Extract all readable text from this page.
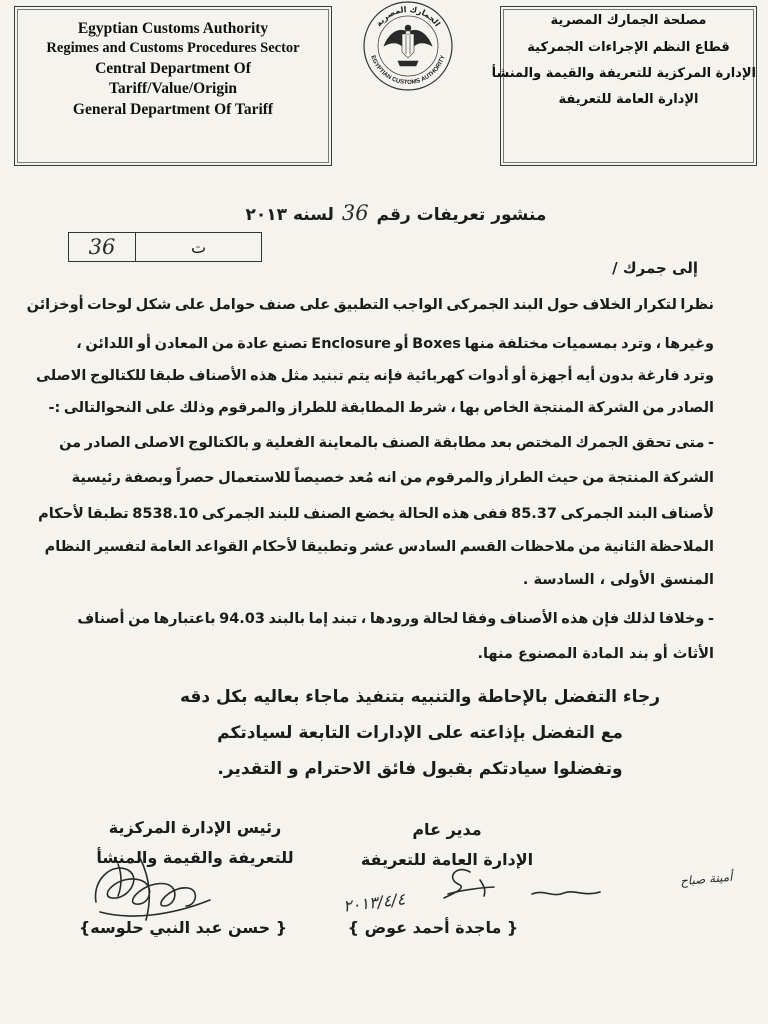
Egyptian Customs Authority
Regimes and Customs Procedures Sector
Central Department Of
Tariff/Value/Origin
General Department Of Tariff
الجمارك المصرية
EGYPTIAN CUSTOMS AUTHORITY
مصلحة الجمارك المصرية
قطاع النظم الإجراءات الجمركية
الإدارة المركزية للتعريفة والقيمة والمنشأ
الإدارة العامة للتعريفة
منشور تعريفات رقم 36 لسنه ٢٠١٣
36	ت
إلى جمرك /
نظرا لتكرار الخلاف حول البند الجمركى الواجب التطبيق على صنف حوامل على شكل لوحات أوخزائن
وغيرها ، وترد بمسميات مختلفة منها Boxes أو Enclosure تصنع عادة من المعادن أو اللدائن ،
وترد فارغة بدون أيه أجهزة أو أدوات كهربائية فإنه يتم تبنيد مثل هذه الأصناف طبقا للكتالوج الاصلى
الصادر من الشركة المنتجة الخاص بها ، شرط المطابقة للطراز والمرقوم وذلك على النحوالتالى :-
- متى تحقق الجمرك المختص بعد مطابقة الصنف بالمعاينة الفعلية و بالكتالوج الاصلى الصادر من
الشركة المنتجة من حيث الطراز والمرقوم من انه مُعد خصيصاً للاستعمال حصراً وبصفة رئيسية
لأصناف البند الجمركى 85.37 ففى هذه الحالة يخضع الصنف للبند الجمركى 8538.10 تطبقا لأحكام
الملاحظة الثانية من ملاحظات القسم السادس عشر وتطبيقا لأحكام القواعد العامة لتفسير النظام
المنسق الأولى ، السادسة .
- وخلافا لذلك فإن هذه الأصناف وفقا لحالة ورودها ، تبند إما بالبند 94.03 باعتبارها من أصناف
الأثاث أو بند المادة المصنوع منها.
رجاء التفضل بالإحاطة والتنبيه بتنفيذ ماجاء بعاليه بكل دقه
مع التفضل بإذاعته على الإدارات التابعة لسيادتكم
وتفضلوا سيادتكم بقبول فائق الاحترام و التقدير.
مدير عام
الإدارة العامة للتعريفة
{ ماجدة أحمد عوض }
رئيس الإدارة المركزية
للتعريفة والقيمة والمنشأ
{ حسن عبد النبي حلوسه}
٢٠١٣/٤/٤
أمينة صباح
